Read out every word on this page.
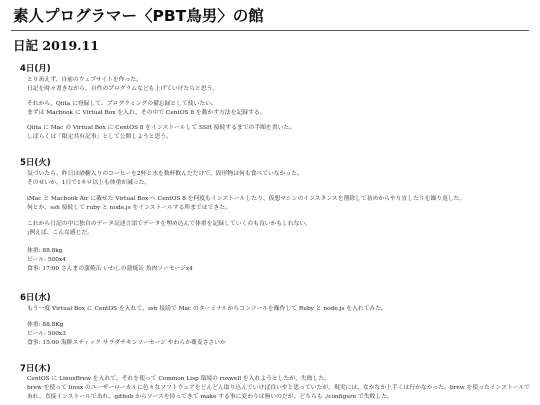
素人プログラマー〈PBT鳥男〉の館
日記 2019.11
4日(月)
とりあえず、自前のウェブサイトを作った。
日記を時々書きながら、自作のプログラムなども上げていけたらと思う。
それから、Qiita に登録して、プログラミングの備忘録として使いたい。
まずは Macbook に Virtual Box を入れ、その中で CentOS 8 を動かす方法を記録する。
Qiita に Mac の Virtual Box に CentOS 8 をインストールして SSH 接続するまでの手順を書いた。
しばらくは「限定共有記事」として公開しようと思う。
5日(火)
気づいたら、昨日は砂糖入りのコーヒーを2杯と水を数杯飲んだだけで、固形物は何も食べていなかった。
そのせいか、1日で1キロ以上も体重が減った。
iMac と Macbook Air に載せた Virtual Box へ CentOS 8 を何度もインストールしたり、仮想マシンのインスタンスを削除して初めからやり直したりを繰り返した。
何とか、ssh 接続して ruby と node.js をインストールする所まではできた。
これから日記の中に独自のデータ記述言語でデータを埋め込んで体重を記録していくのも良いかもしれない。
¡例えば、こんな感じだ。
体重: 88.8kg
ビール: 500x4
食事: 17:00 さんまの蒲焼缶 いわしの蒲焼缶 魚肉ソーセージx4
6日(水)
もう一度 Virtual Box に CentOS を入れて、ssh 接続で Mac のターミナルからコンソールを操作して Ruby と node.js を入れてみた。
体重: 88.8Kg
ビール: 500x3
食事: 15:00 海鮮スティック サラダチキンソーセージ やわらか蕎麦ささいか
7日(木)
CentOS に LinuxBrew を入れて、それを使って Common Lisp 環境の roswell を入れようとしたが、失敗した。
brew を使って linux のユーザーローカルに色々なソフトウェアをどんどん取り込んでいけば良いやと思っていたが、現実には、なかなか上手くは行かなかった。brew を使ったインストールであれ、直接インストールであれ、github からソースを持ってきて make する事に変わりは無いのだが、どちらも ./configure で失敗した。
